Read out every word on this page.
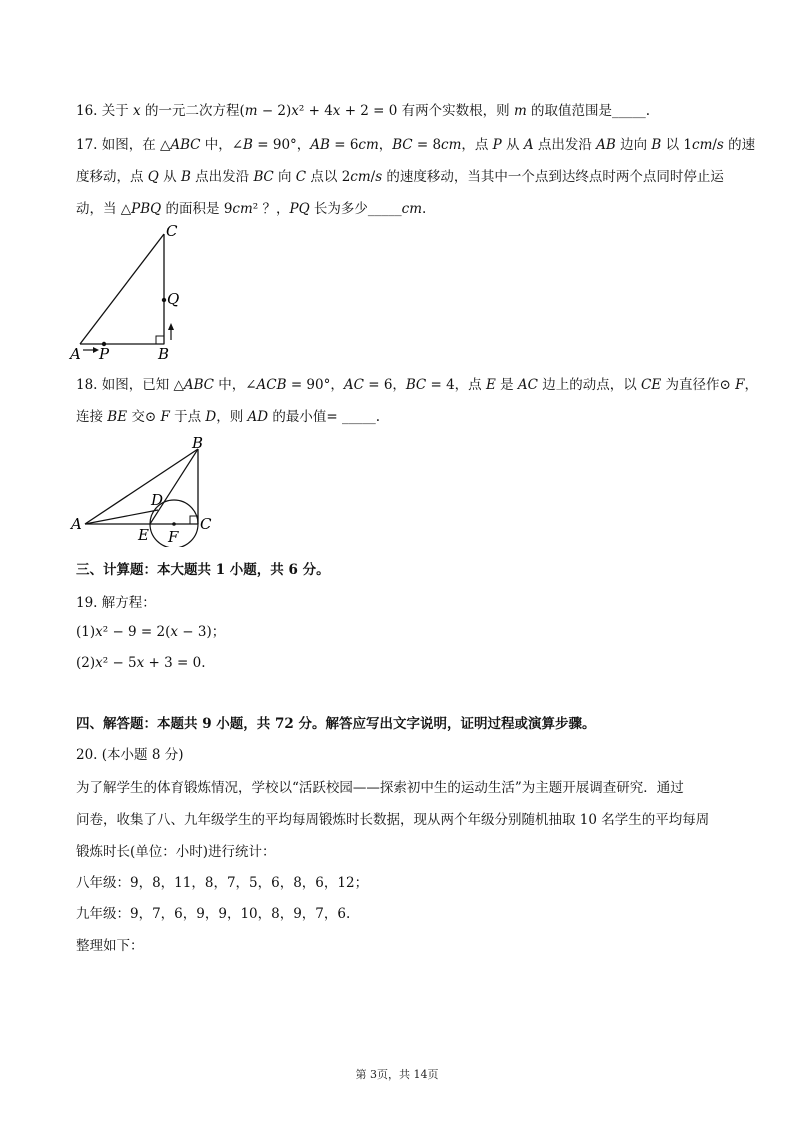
16. 关于 𝑥 的一元二次方程(𝑚 − 2)𝑥² + 4𝑥 + 2 = 0 有两个实数根，则 𝑚 的取值范围是_____.
17. 如图，在 △𝐴𝐵𝐶 中，∠𝐵 = 90°，𝐴𝐵 = 6𝑐𝑚，𝐵𝐶 = 8𝑐𝑚，点 𝑃 从 𝐴 点出发沿 𝐴𝐵 边向 𝐵 以 1𝑐𝑚/𝑠 的速
度移动，点 𝑄 从 𝐵 点出发沿 𝐵𝐶 向 𝐶 点以 2𝑐𝑚/𝑠 的速度移动，当其中一个点到达终点时两个点同时停止运
动，当 △𝑃𝐵𝑄 的面积是 9𝑐𝑚² ？，𝑃𝑄 长为多少_____𝑐𝑚.
C
Q
A P	B
18. 如图，已知 △𝐴𝐵𝐶 中，∠𝐴𝐶𝐵 = 90°，𝐴𝐶 = 6，𝐵𝐶 = 4，点 𝐸 是 𝐴𝐶 边上的动点，以 𝐶𝐸 为直径作⊙ 𝐹，
连接 𝐵𝐸 交⊙ 𝐹 于点 𝐷，则 𝐴𝐷 的最小值= _____.
B
D
A	C
E F
三、计算题：本大题共 1 小题，共 6 分。
19. 解方程：
(1)𝑥² − 9 = 2(𝑥 − 3)；
(2)𝑥² − 5𝑥 + 3 = 0.
四、解答题：本题共 9 小题，共 72 分。解答应写出文字说明，证明过程或演算步骤。
20. (本小题 8 分)
为了解学生的体育锻炼情况，学校以“活跃校园——探索初中生的运动生活”为主题开展调查研究．通过
问卷，收集了八、九年级学生的平均每周锻炼时长数据，现从两个年级分别随机抽取 10 名学生的平均每周
锻炼时长(单位：小时)进行统计：
八年级：9，8，11，8，7，5，6，8，6，12；
九年级：9，7，6，9，9，10，8，9，7，6.
整理如下：
第 3页，共 14页
